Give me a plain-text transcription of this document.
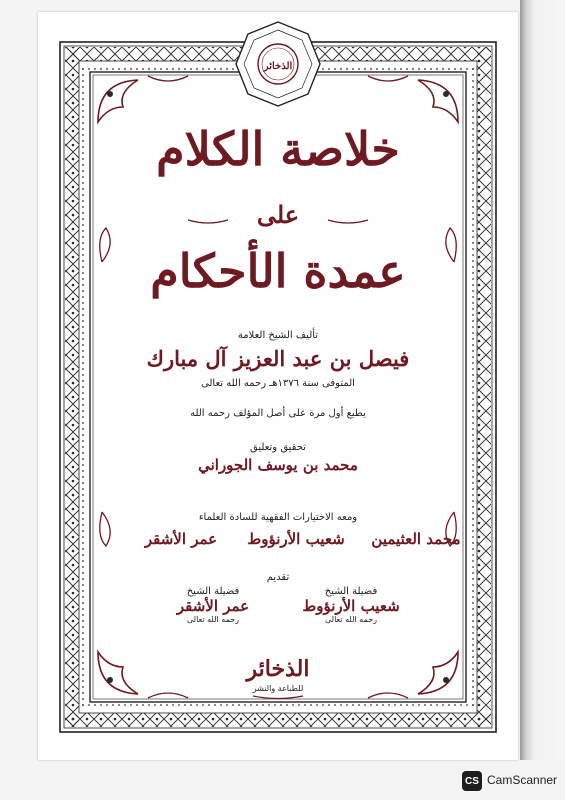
الذخائر
خلاصة الكلام
على
عمدة الأحكام
تأليف الشيخ العلامة
فيصل بن عبد العزيز آل مبارك
المتوفى سنة ١٣٧٦هـ رحمه الله تعالى
يطبع أول مرة على أصل المؤلف رحمه الله
تحقيق وتعليق
محمد بن يوسف الجوراني
ومعه الاختيارات الفقهية للسادة العلماء
محمد العثيمين
شعيب الأرنؤوط
عمر الأشقر
تقديم
فضيلة الشيخ
شعيب الأرنؤوط
رحمه الله تعالى
فضيلة الشيخ
عمر الأشقر
رحمه الله تعالى
الذخائر
للطباعة والنشر
CS CamScanner
